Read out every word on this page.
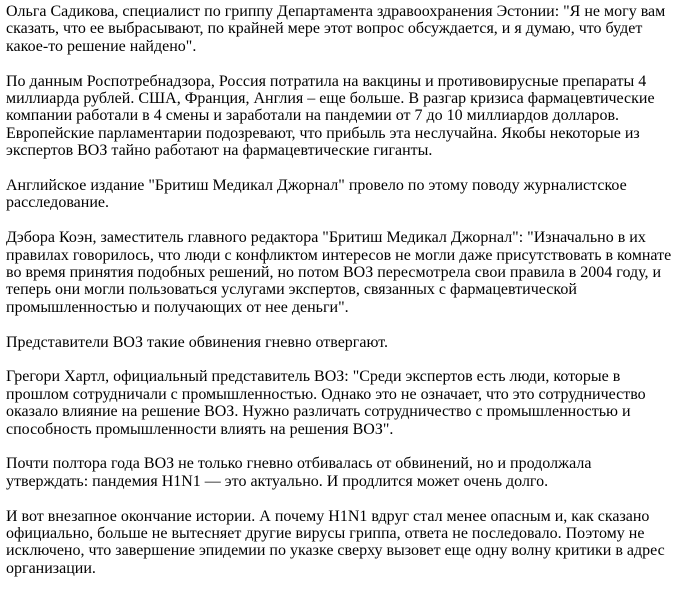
Ольга Садикова, специалист по гриппу Департамента здравоохранения Эстонии: "Я не могу вам сказать, что ее выбрасывают, по крайней мере этот вопрос обсуждается, и я думаю, что будет какое-то решение найдено".

По данным Роспотребнадзора, Россия потратила на вакцины и противовирусные препараты 4 миллиарда рублей. США, Франция, Англия – еще больше. В разгар кризиса фармацевтические компании работали в 4 смены и заработали на пандемии от 7 до 10 миллиардов долларов. Европейские парламентарии подозревают, что прибыль эта неслучайна. Якобы некоторые из экспертов ВОЗ тайно работают на фармацевтические гиганты.

Английское издание "Бритиш Медикал Джорнал" провело по этому поводу журналистское расследование.

Дэбора Коэн, заместитель главного редактора "Бритиш Медикал Джорнал": "Изначально в их правилах говорилось, что люди с конфликтом интересов не могли даже присутствовать в комнате во время принятия подобных решений, но потом ВОЗ пересмотрела свои правила в 2004 году, и теперь они могли пользоваться услугами экспертов, связанных с фармацевтической промышленностью и получающих от нее деньги".

Представители ВОЗ такие обвинения гневно отвергают.

Грегори Хартл, официальный представитель ВОЗ: "Среди экспертов есть люди, которые в прошлом сотрудничали с промышленностью. Однако это не означает, что это сотрудничество оказало влияние на решение ВОЗ. Нужно различать сотрудничество с промышленностью и способность промышленности влиять на решения ВОЗ".

Почти полтора года ВОЗ не только гневно отбивалась от обвинений, но и продолжала утверждать: пандемия H1N1 — это актуально. И продлится может очень долго.

И вот внезапное окончание истории. А почему H1N1 вдруг стал менее опасным и, как сказано официально, больше не вытесняет другие вирусы гриппа, ответа не последовало. Поэтому не исключено, что завершение эпидемии по указке сверху вызовет еще одну волну критики в адрес организации.
